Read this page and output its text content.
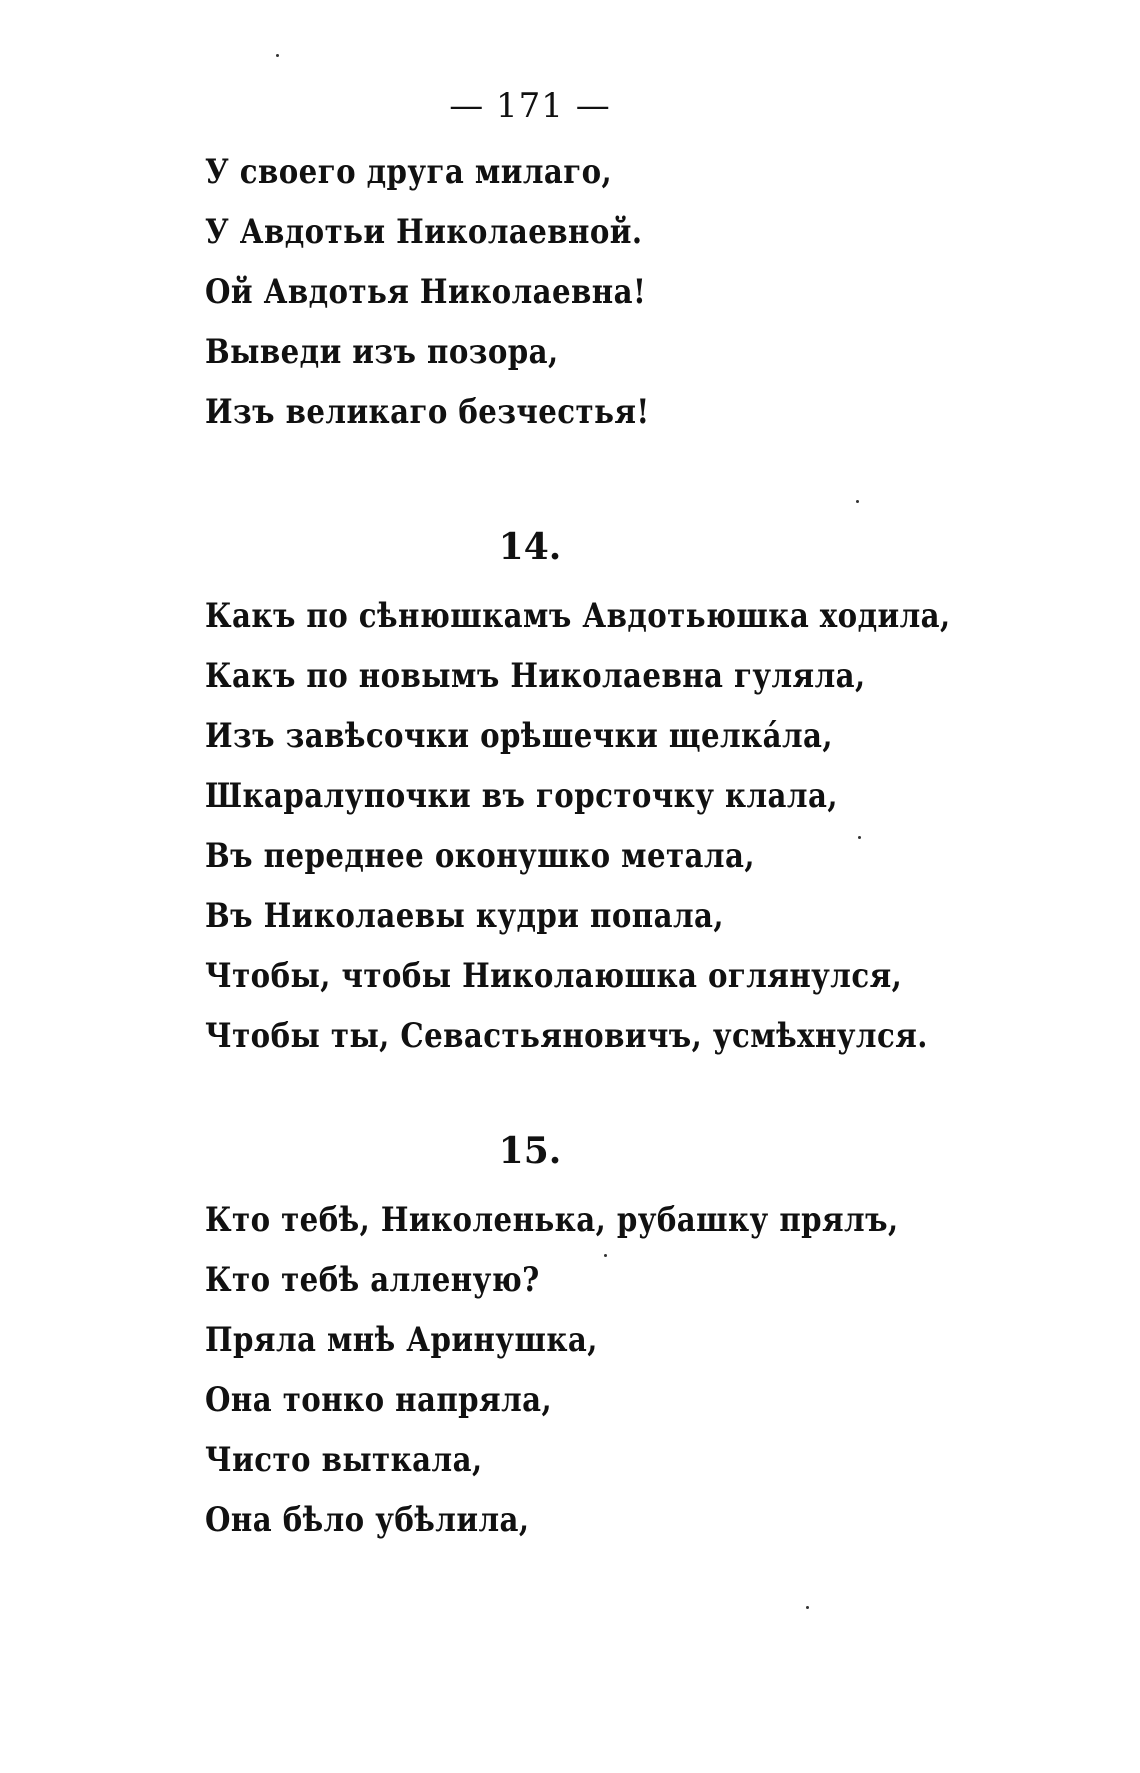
— 171 —
У своего друга милаго,
У Авдотьи Николаевной.
Ой Авдотья Николаевна!
Выведи изъ позора,
Изъ великаго безчестья!
14.
Какъ по сѣнюшкамъ Авдотьюшка ходила,
Какъ по новымъ Николаевна гуляла,
Изъ завѣсочки орѣшечки щелкáла,
Шкаралупочки въ горсточку клала,
Въ переднее оконушко метала,
Въ Николаевы кудри попала,
Чтобы, чтобы Николаюшка оглянулся,
Чтобы ты, Севастьяновичъ, усмѣхнулся.
15.
Кто тебѣ, Николенька, рубашку прялъ,
Кто тебѣ алленую?
Пряла мнѣ Аринушка,
Она тонко напряла,
Чисто выткала,
Она бѣло убѣлила,
